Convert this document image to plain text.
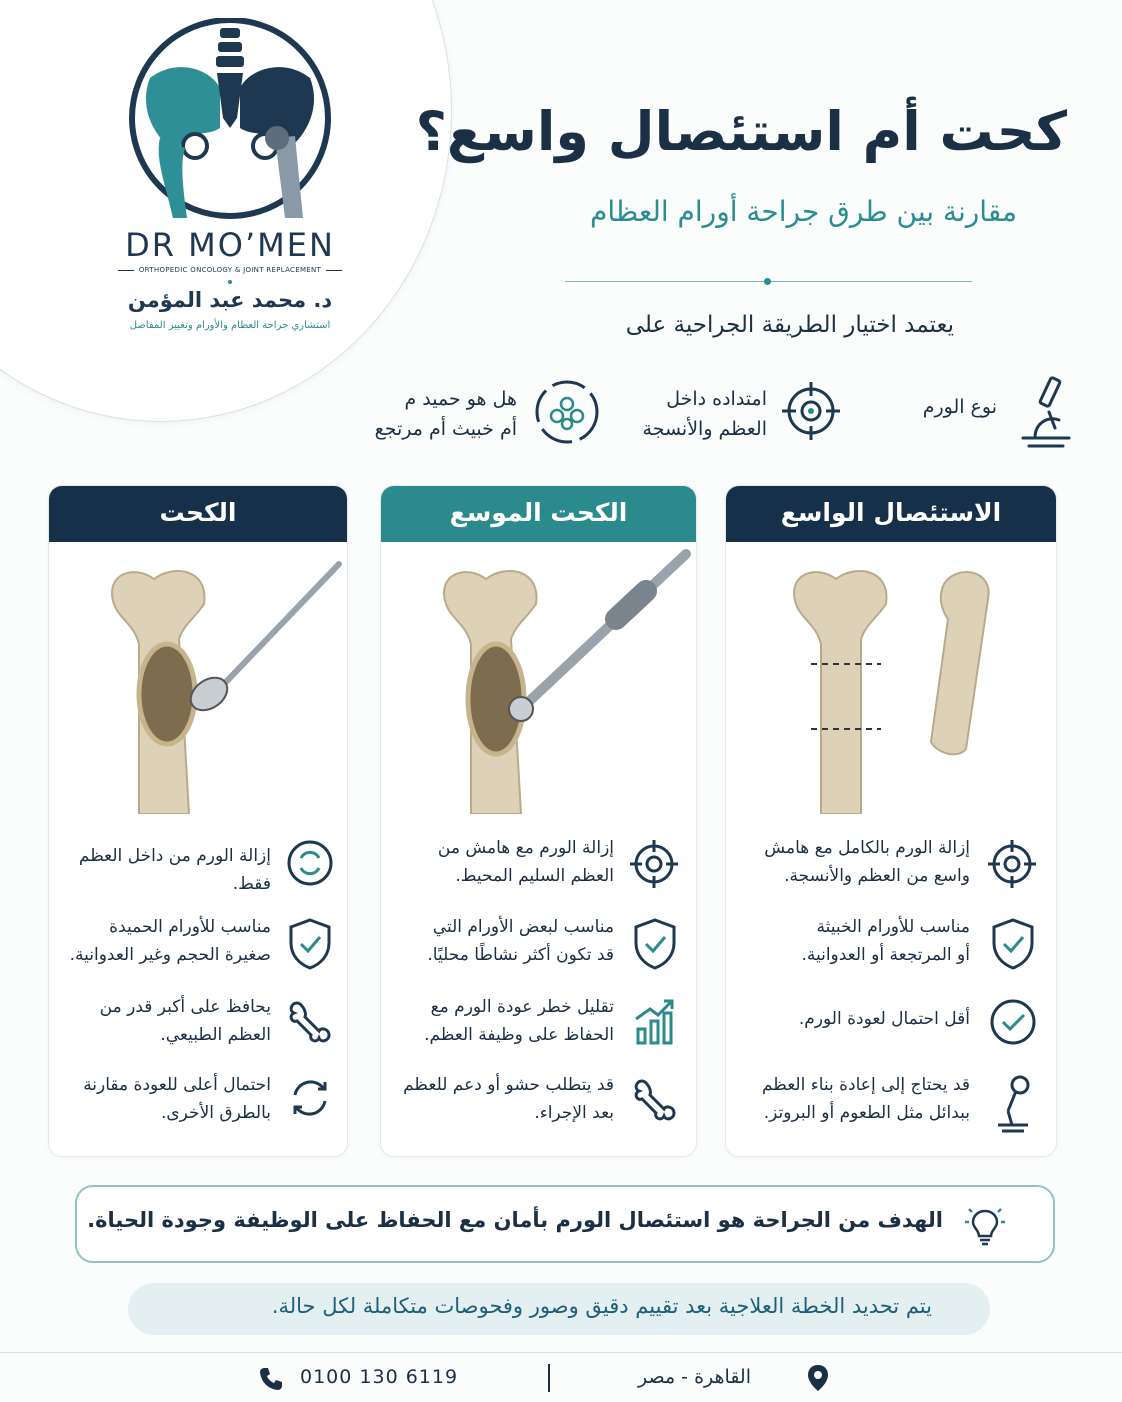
DR MO’MEN
ORTHOPEDIC ONCOLOGY & JOINT REPLACEMENT
د. محمد عبد المؤمن
استشاري جراحة العظام والأورام وتغيير المفاصل
كحت أم استئصال واسع؟
مقارنة بين طرق جراحة أورام العظام
يعتمد اختيار الطريقة الجراحية على
نوع الورم
امتداده داخل
العظم والأنسجة
هل هو حميد م
أم خبيث أم مرتجع
الاستئصال الواسع
إزالة الورم بالكامل مع هامش
واسع من العظم والأنسجة.
مناسب للأورام الخبيثة
أو المرتجعة أو العدوانية.
أقل احتمال لعودة الورم.
قد يحتاج إلى إعادة بناء العظم
ببدائل مثل الطعوم أو البروتز.
الكحت الموسع
إزالة الورم مع هامش من
العظم السليم المحيط.
مناسب لبعض الأورام التي
قد تكون أكثر نشاطًا محليًا.
تقليل خطر عودة الورم مع
الحفاظ على وظيفة العظم.
قد يتطلب حشو أو دعم للعظم
بعد الإجراء.
الكحت
إزالة الورم من داخل العظم فقط.
مناسب للأورام الحميدة
صغيرة الحجم وغير العدوانية.
يحافظ على أكبر قدر من
العظم الطبيعي.
احتمال أعلى للعودة مقارنة
بالطرق الأخرى.
الهدف من الجراحة هو استئصال الورم بأمان مع الحفاظ على الوظيفة وجودة الحياة.
يتم تحديد الخطة العلاجية بعد تقييم دقيق وصور وفحوصات متكاملة لكل حالة.
0100 130 6119	القاهرة - مصر
